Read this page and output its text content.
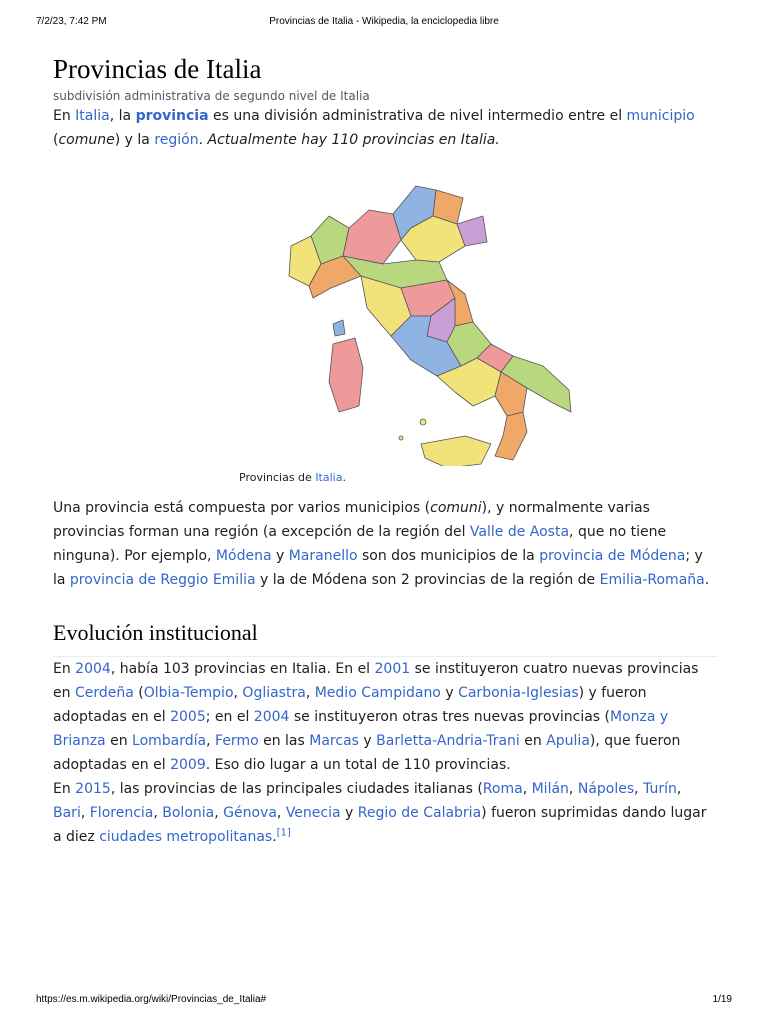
7/2/23, 7:42 PM	Provincias de Italia - Wikipedia, la enciclopedia libre
Provincias de Italia
subdivisión administrativa de segundo nivel de Italia

En Italia, la provincia es una división administrativa de nivel intermedio entre el municipio (comune) y la región. Actualmente hay 110 provincias en Italia.

Provincias de Italia.

Una provincia está compuesta por varios municipios (comuni), y normalmente varias provincias forman una región (a excepción de la región del Valle de Aosta, que no tiene ninguna). Por ejemplo, Módena y Maranello son dos municipios de la provincia de Módena; y la provincia de Reggio Emilia y la de Módena son 2 provincias de la región de Emilia-Romaña.

Evolución institucional

En 2004, había 103 provincias en Italia. En el 2001 se instituyeron cuatro nuevas provincias en Cerdeña (Olbia-Tempio, Ogliastra, Medio Campidano y Carbonia-Iglesias) y fueron adoptadas en el 2005; en el 2004 se instituyeron otras tres nuevas provincias (Monza y Brianza en Lombardía, Fermo en las Marcas y Barletta-Andria-Trani en Apulia), que fueron adoptadas en el 2009. Eso dio lugar a un total de 110 provincias.

En 2015, las provincias de las principales ciudades italianas (Roma, Milán, Nápoles, Turín, Bari, Florencia, Bolonia, Génova, Venecia y Regio de Calabria) fueron suprimidas dando lugar a diez ciudades metropolitanas.[1]

https://es.m.wikipedia.org/wiki/Provincias_de_Italia#	1/19
